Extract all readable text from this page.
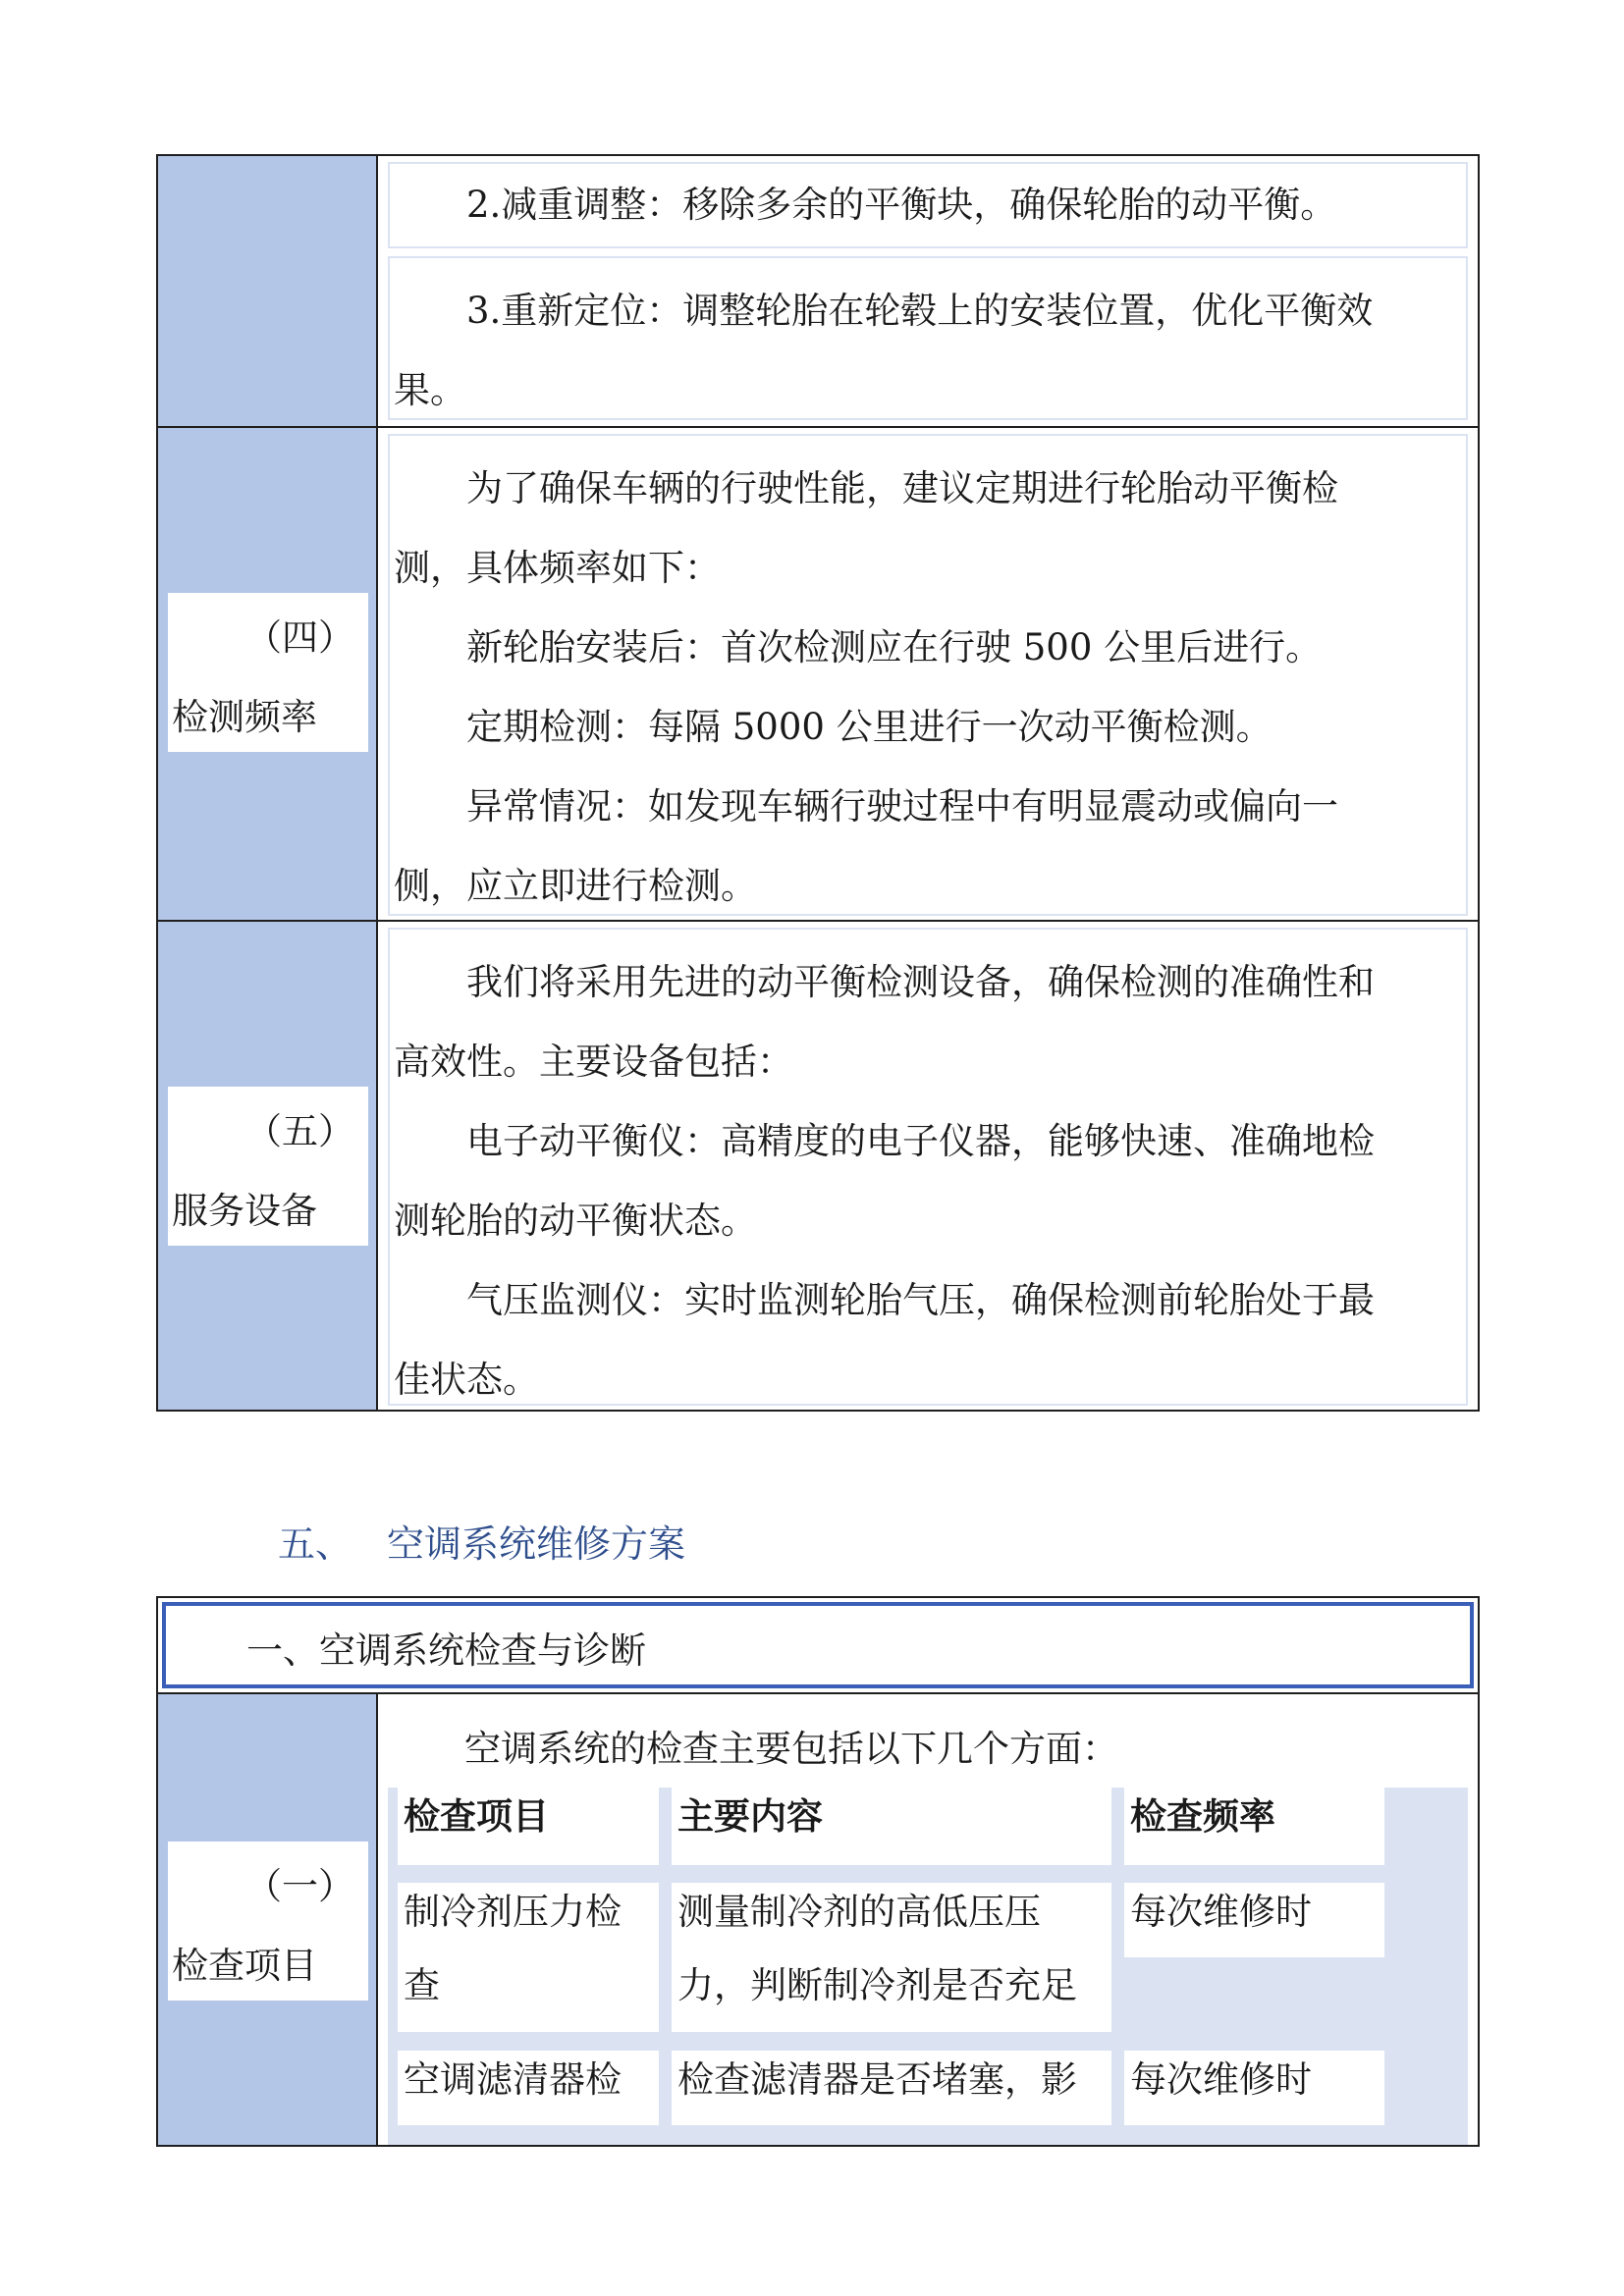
2.减重调整：移除多余的平衡块，确保轮胎的动平衡。
3.重新定位：调整轮胎在轮毂上的安装位置，优化平衡效
果。
（四）
检测频率
为了确保车辆的行驶性能，建议定期进行轮胎动平衡检
测，具体频率如下：
新轮胎安装后：首次检测应在行驶 500 公里后进行。
定期检测：每隔 5000 公里进行一次动平衡检测。
异常情况：如发现车辆行驶过程中有明显震动或偏向一
侧，应立即进行检测。
（五）
服务设备
我们将采用先进的动平衡检测设备，确保检测的准确性和
高效性。主要设备包括：
电子动平衡仪：高精度的电子仪器，能够快速、准确地检
测轮胎的动平衡状态。
气压监测仪：实时监测轮胎气压，确保检测前轮胎处于最
佳状态。
五、 空调系统维修方案
一、空调系统检查与诊断
（一）
检查项目
空调系统的检查主要包括以下几个方面：
检查项目	主要内容	检查频率
制冷剂压力检
查
测量制冷剂的高低压压
力，判断制冷剂是否充足
每次维修时
空调滤清器检 检查滤清器是否堵塞，影 每次维修时
